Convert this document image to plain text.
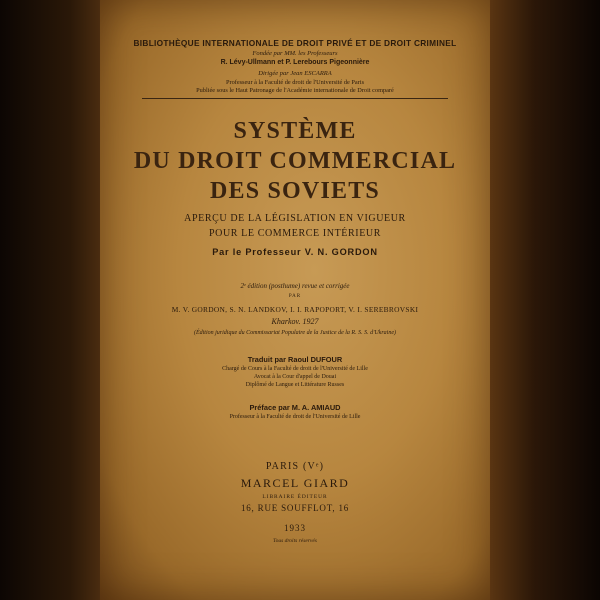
BIBLIOTHÈQUE INTERNATIONALE DE DROIT PRIVÉ ET DE DROIT CRIMINEL
Fondée par MM. les Professeurs
R. Lévy-Ullmann et P. Lerebours Pigeonnière
Dirigée par Jean ESCARRA
Professeur à la Faculté de droit de l'Université de Paris
Publiée sous le Haut Patronage de l'Académie internationale de Droit comparé
SYSTÈME
DU DROIT COMMERCIAL
DES SOVIETS
APERÇU DE LA LÉGISLATION EN VIGUEUR
POUR LE COMMERCE INTÉRIEUR
Par le Professeur V. N. GORDON
2ᵉ édition (posthume) revue et corrigée
PAR
M. V. GORDON, S. N. LANDKOV, I. I. RAPOPORT, V. I. SEREBROVSKI
Kharkov. 1927
(Édition juridique du Commissariat Populaire de la Justice de la R. S. S. d'Ukraine)
Traduit par Raoul DUFOUR
Chargé de Cours à la Faculté de droit de l'Université de Lille
Avocat à la Cour d'appel de Douai
Diplômé de Langue et Littérature Russes
Préface par M. A. AMIAUD
Professeur à la Faculté de droit de l'Université de Lille
PARIS (Vᵉ)
MARCEL GIARD
LIBRAIRE ÉDITEUR
16, RUE SOUFFLOT, 16
1933
Tous droits réservés
